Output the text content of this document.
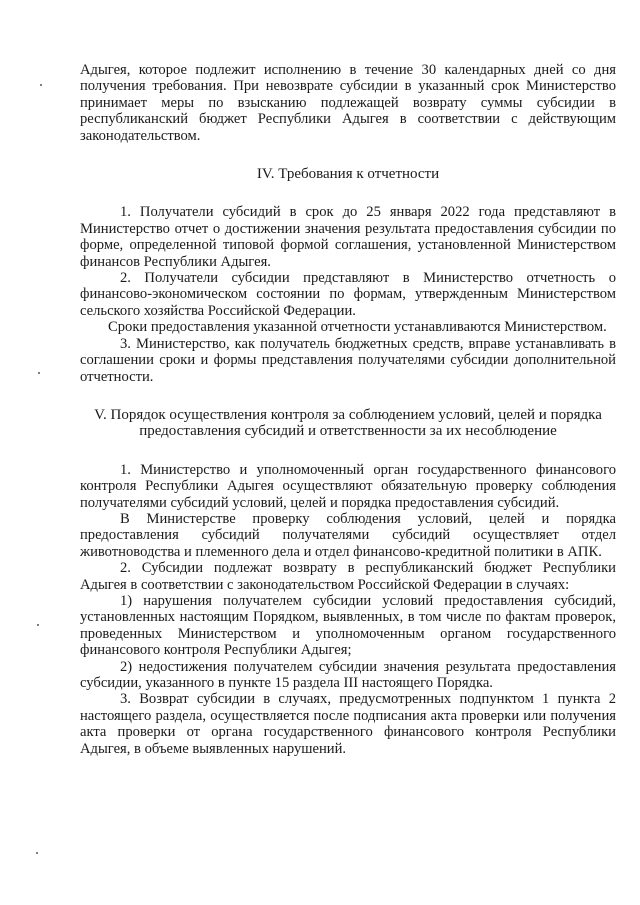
Адыгея, которое подлежит исполнению в течение 30 календарных дней со дня получения требования. При невозврате субсидии в указанный срок Министерство принимает меры по взысканию подлежащей возврату суммы субсидии в республиканский бюджет Республики Адыгея в соответствии с действующим законодательством.

IV. Требования к отчетности

1. Получатели субсидий в срок до 25 января 2022 года представляют в Министерство отчет о достижении значения результата предоставления субсидии по форме, определенной типовой формой соглашения, установленной Министерством финансов Республики Адыгея.

2. Получатели субсидии представляют в Министерство отчетность о финансово-экономическом состоянии по формам, утвержденным Министерством сельского хозяйства Российской Федерации.

Сроки предоставления указанной отчетности устанавливаются Министерством.

3. Министерство, как получатель бюджетных средств, вправе устанавливать в соглашении сроки и формы представления получателями субсидии дополнительной отчетности.

V. Порядок осуществления контроля за соблюдением условий, целей и порядка предоставления субсидий и ответственности за их несоблюдение

1. Министерство и уполномоченный орган государственного финансового контроля Республики Адыгея осуществляют обязательную проверку соблюдения получателями субсидий условий, целей и порядка предоставления субсидий.

В Министерстве проверку соблюдения условий, целей и порядка предоставления субсидий получателями субсидий осуществляет отдел животноводства и племенного дела и отдел финансово-кредитной политики в АПК.

2. Субсидии подлежат возврату в республиканский бюджет Республики Адыгея в соответствии с законодательством Российской Федерации в случаях:

1) нарушения получателем субсидии условий предоставления субсидий, установленных настоящим Порядком, выявленных, в том числе по фактам проверок, проведенных Министерством и уполномоченным органом государственного финансового контроля Республики Адыгея;

2) недостижения получателем субсидии значения результата предоставления субсидии, указанного в пункте 15 раздела III настоящего Порядка.

3. Возврат субсидии в случаях, предусмотренных подпунктом 1 пункта 2 настоящего раздела, осуществляется после подписания акта проверки или получения акта проверки от органа государственного финансового контроля Республики Адыгея, в объеме выявленных нарушений.
